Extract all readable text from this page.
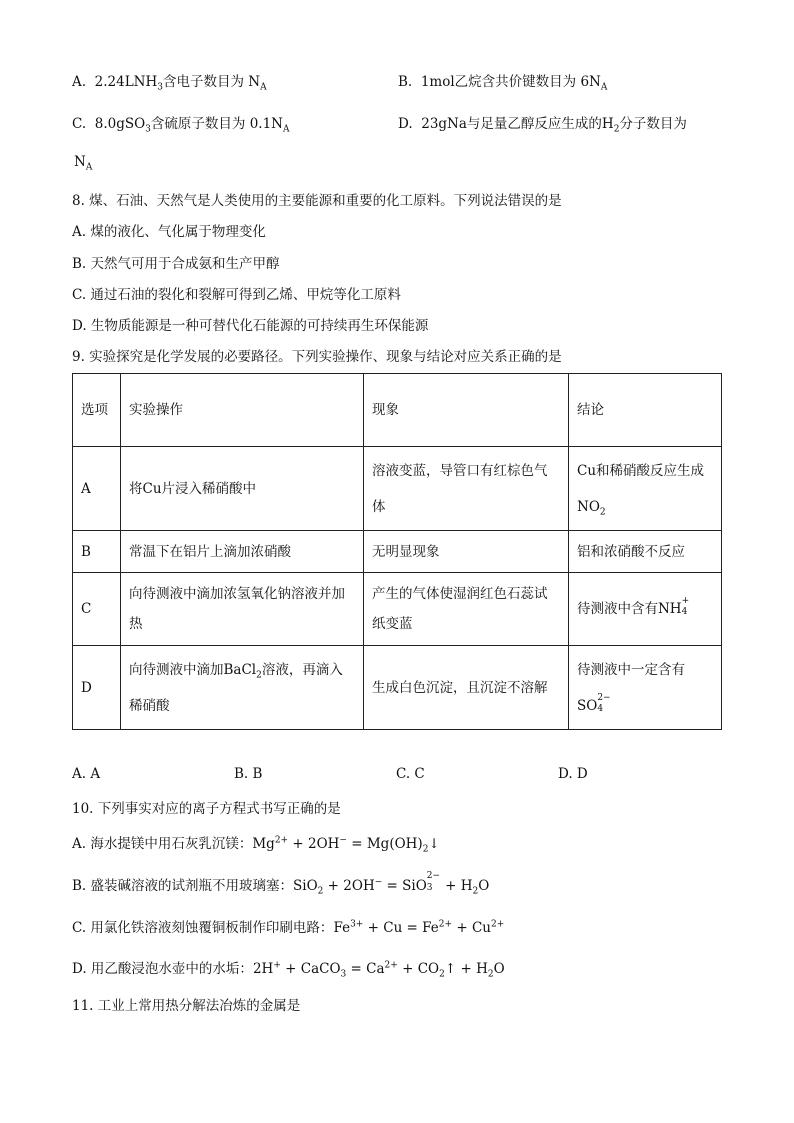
A. $2.24LNH_3$含电子数目为 $N_A$	B. 1mol乙烷含共价键数目为 $6N_A$
C. 8.0gSO$_3$含硫原子数目为 $0.1N_A$	D. 23gNa与足量乙醇反应生成的$H_2$分子数目为
$N_A$
8. 煤、石油、天然气是人类使用的主要能源和重要的化工原料。下列说法错误的是
A. 煤的液化、气化属于物理变化
B. 天然气可用于合成氨和生产甲醇
C. 通过石油的裂化和裂解可得到乙烯、甲烷等化工原料
D. 生物质能源是一种可替代化石能源的可持续再生环保能源
9. 实验探究是化学发展的必要路径。下列实验操作、现象与结论对应关系正确的是
选项	实验操作	现象	结论
A	将Cu片浸入稀硝酸中	溶液变蓝，导管口有红棕色气体	Cu和稀硝酸反应生成
$NO_2$
B	常温下在铝片上滴加浓硝酸	无明显现象	铝和浓硝酸不反应
C	向待测液中滴加浓氢氧化钠溶液并加热	产生的气体使湿润红色石蕊试纸变蓝	待测液中含有NH +
4

D	向待测液中滴加BaCl$_2$溶液，再滴入稀硝酸	生成白色沉淀，且沉淀不溶解	待测液中一定含有
SO 2−
4
A. A	B. B	C. C	D. D
10. 下列事实对应的离子方程式书写正确的是
A. 海水提镁中用石灰乳沉镁：$Mg^{2+} + 2OH^-$ = $Mg(OH)_2↓$
B. 盛装碱溶液的试剂瓶不用玻璃塞：SiO$_2$ + 2OH− = SiO
2−
$3 + H_2O$
C. 用氯化铁溶液刻蚀覆铜板制作印刷电路：$Fe^{3+} + Cu = Fe^{2+} + Cu^{2+}$
D. 用乙酸浸泡水壶中的水垢：2H+ + CaCO$_3$ = $Ca^{2+}$ + $CO_2↑ + H_2O$
11. 工业上常用热分解法冶炼的金属是
